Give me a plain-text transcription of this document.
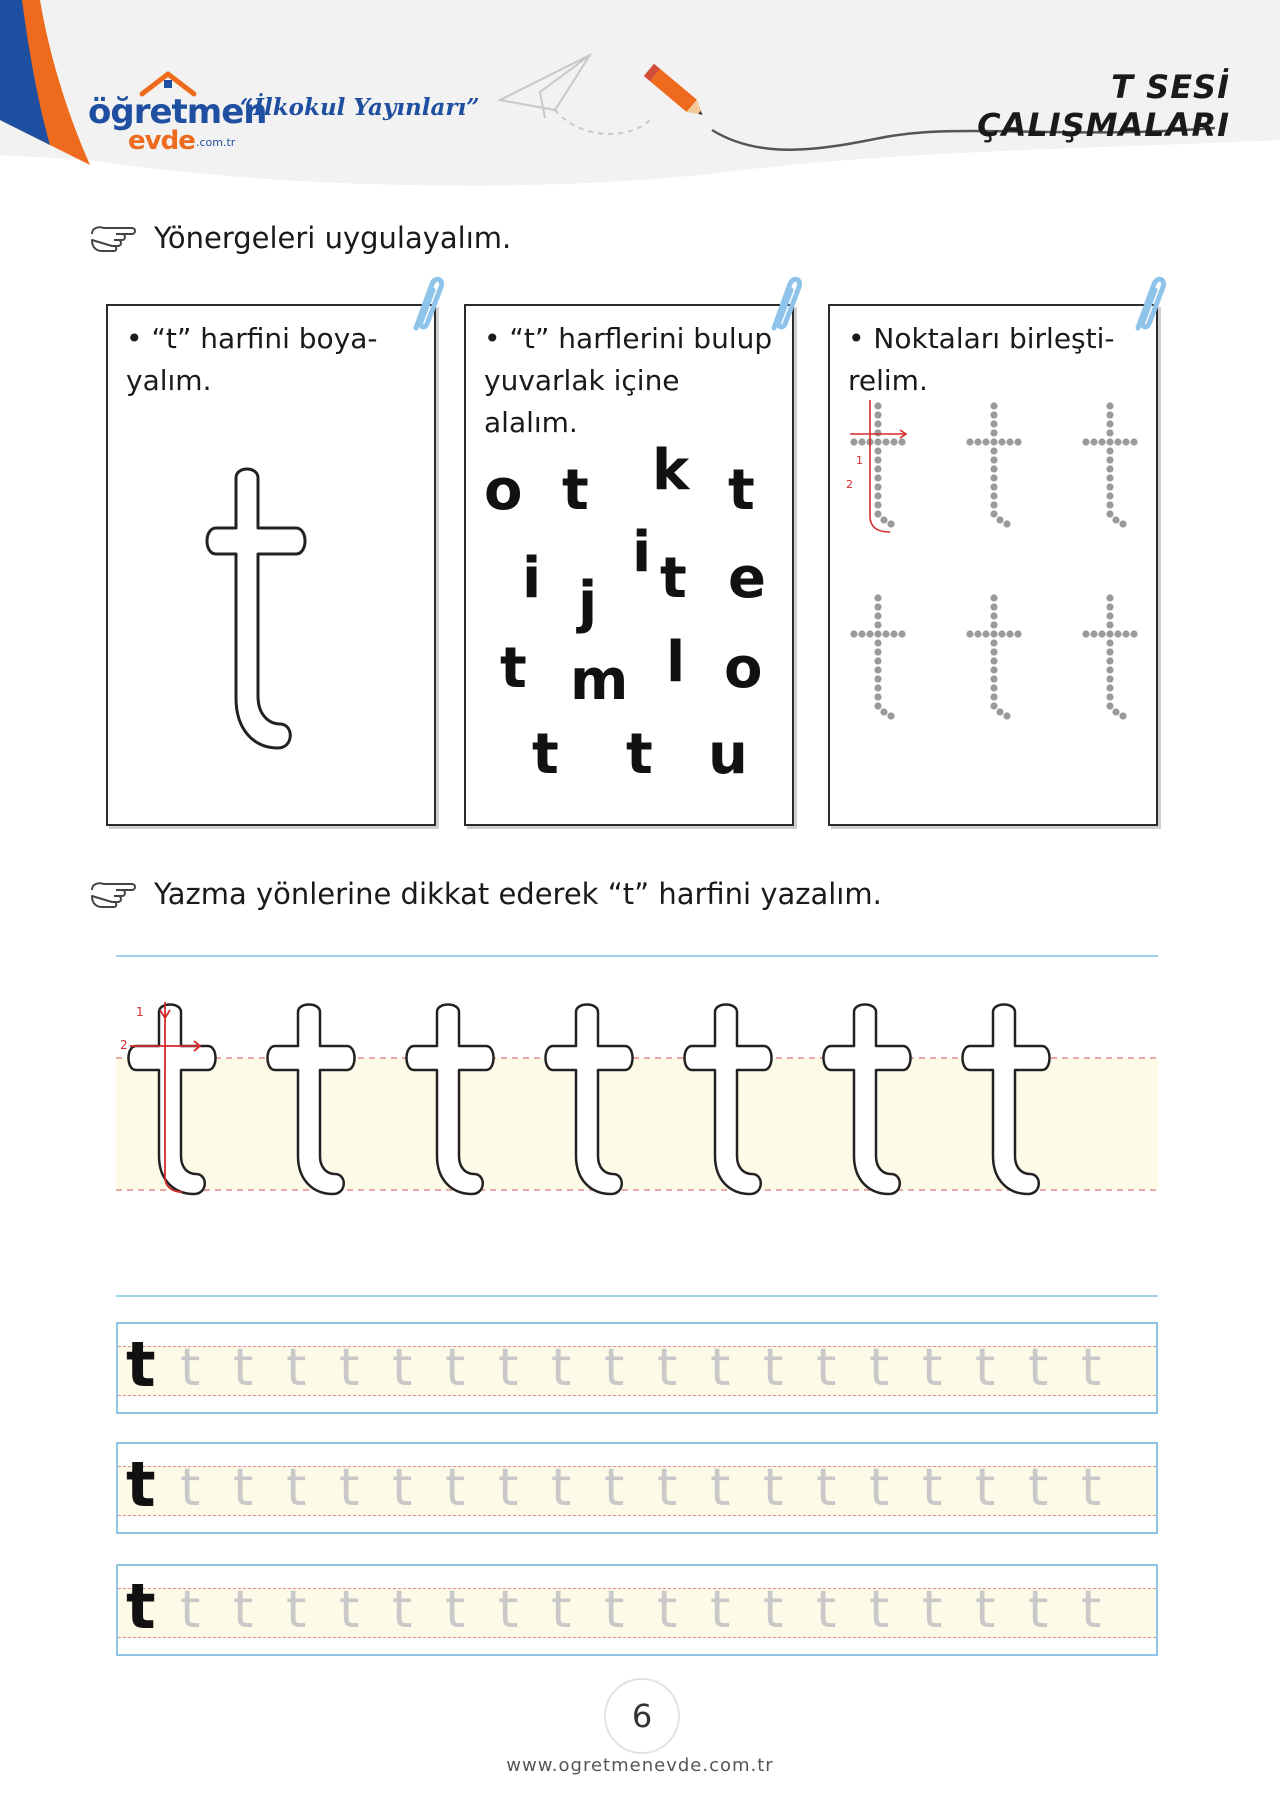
öğretmen
evde .com.tr
“İlkokul Yayınları”
T SESİ ÇALIŞMALARI
Yönergeleri uygulayalım.
• “t” harfini boya-yalım.
• “t” harflerini bulup yuvarlak içine alalım.
o t k t
i j
i t e
t m l o
t t u
• Noktaları birleşti-relim.
1
2
Yazma yönlerine dikkat ederek “t” harfini yazalım.
1
2
t t t t t t t t t t t t t t t t t t t
t t t t t t t t t t t t t t t t t t t
t t t t t t t t t t t t t t t t t t t
6
www.ogretmenevde.com.tr
